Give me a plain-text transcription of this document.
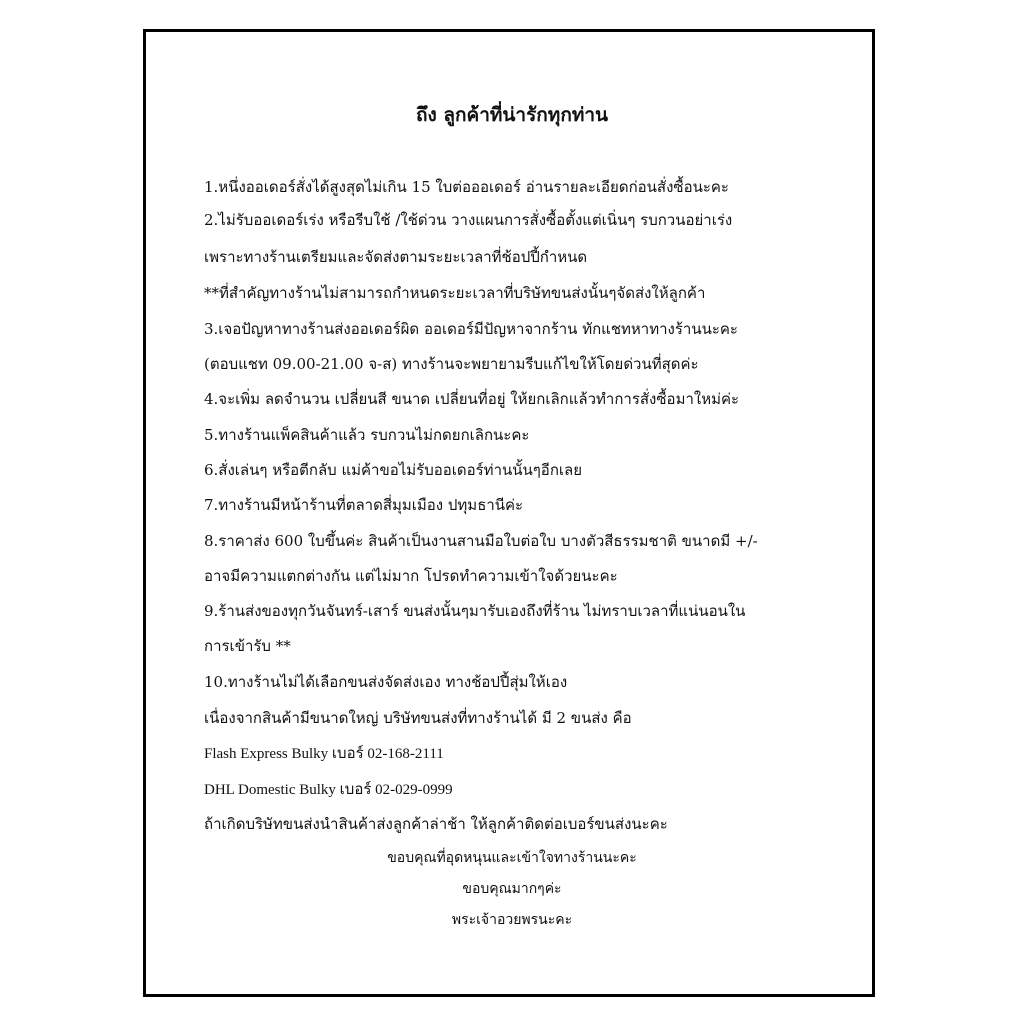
ถึง ลูกค้าที่น่ารักทุกท่าน
1.หนึ่งออเดอร์สั่งได้สูงสุดไม่เกิน 15 ใบต่อออเดอร์ อ่านรายละเอียดก่อนสั่งซื้อนะคะ
2.ไม่รับออเดอร์เร่ง หรือรีบใช้ /ใช้ด่วน วางแผนการสั่งซื้อตั้งแต่เนิ่นๆ รบกวนอย่าเร่ง
เพราะทางร้านเตรียมและจัดส่งตามระยะเวลาที่ช้อปปี้กำหนด
**ที่สำคัญทางร้านไม่สามารถกำหนดระยะเวลาที่บริษัทขนส่งนั้นๆจัดส่งให้ลูกค้า
3.เจอปัญหาทางร้านส่งออเดอร์ผิด ออเดอร์มีปัญหาจากร้าน ทักแชทหาทางร้านนะคะ
(ตอบแชท 09.00-21.00 จ-ส) ทางร้านจะพยายามรีบแก้ไขให้โดยด่วนที่สุดค่ะ
4.จะเพิ่ม ลดจำนวน เปลี่ยนสี ขนาด เปลี่ยนที่อยู่ ให้ยกเลิกแล้วทำการสั่งซื้อมาใหม่ค่ะ
5.ทางร้านแพ็คสินค้าแล้ว รบกวนไม่กดยกเลิกนะคะ
6.สั่งเล่นๆ หรือตีกลับ แม่ค้าขอไม่รับออเดอร์ท่านนั้นๆอีกเลย
7.ทางร้านมีหน้าร้านที่ตลาดสี่มุมเมือง ปทุมธานีค่ะ
8.ราคาส่ง 600 ใบขึ้นค่ะ สินค้าเป็นงานสานมือใบต่อใบ บางตัวสีธรรมชาติ ขนาดมี +/-
อาจมีความแตกต่างกัน แต่ไม่มาก โปรดทำความเข้าใจด้วยนะคะ
9.ร้านส่งของทุกวันจันทร์-เสาร์ ขนส่งนั้นๆมารับเองถึงที่ร้าน ไม่ทราบเวลาที่แน่นอนใน
การเข้ารับ **
10.ทางร้านไม่ได้เลือกขนส่งจัดส่งเอง ทางช้อปปี้สุ่มให้เอง
เนื่องจากสินค้ามีขนาดใหญ่ บริษัทขนส่งที่ทางร้านได้ มี 2 ขนส่ง คือ
Flash Express Bulky เบอร์ 02-168-2111
DHL Domestic Bulky เบอร์ 02-029-0999
ถ้าเกิดบริษัทขนส่งนำสินค้าส่งลูกค้าล่าช้า ให้ลูกค้าติดต่อเบอร์ขนส่งนะคะ
ขอบคุณที่อุดหนุนและเข้าใจทางร้านนะคะ
ขอบคุณมากๆค่ะ
พระเจ้าอวยพรนะคะ
